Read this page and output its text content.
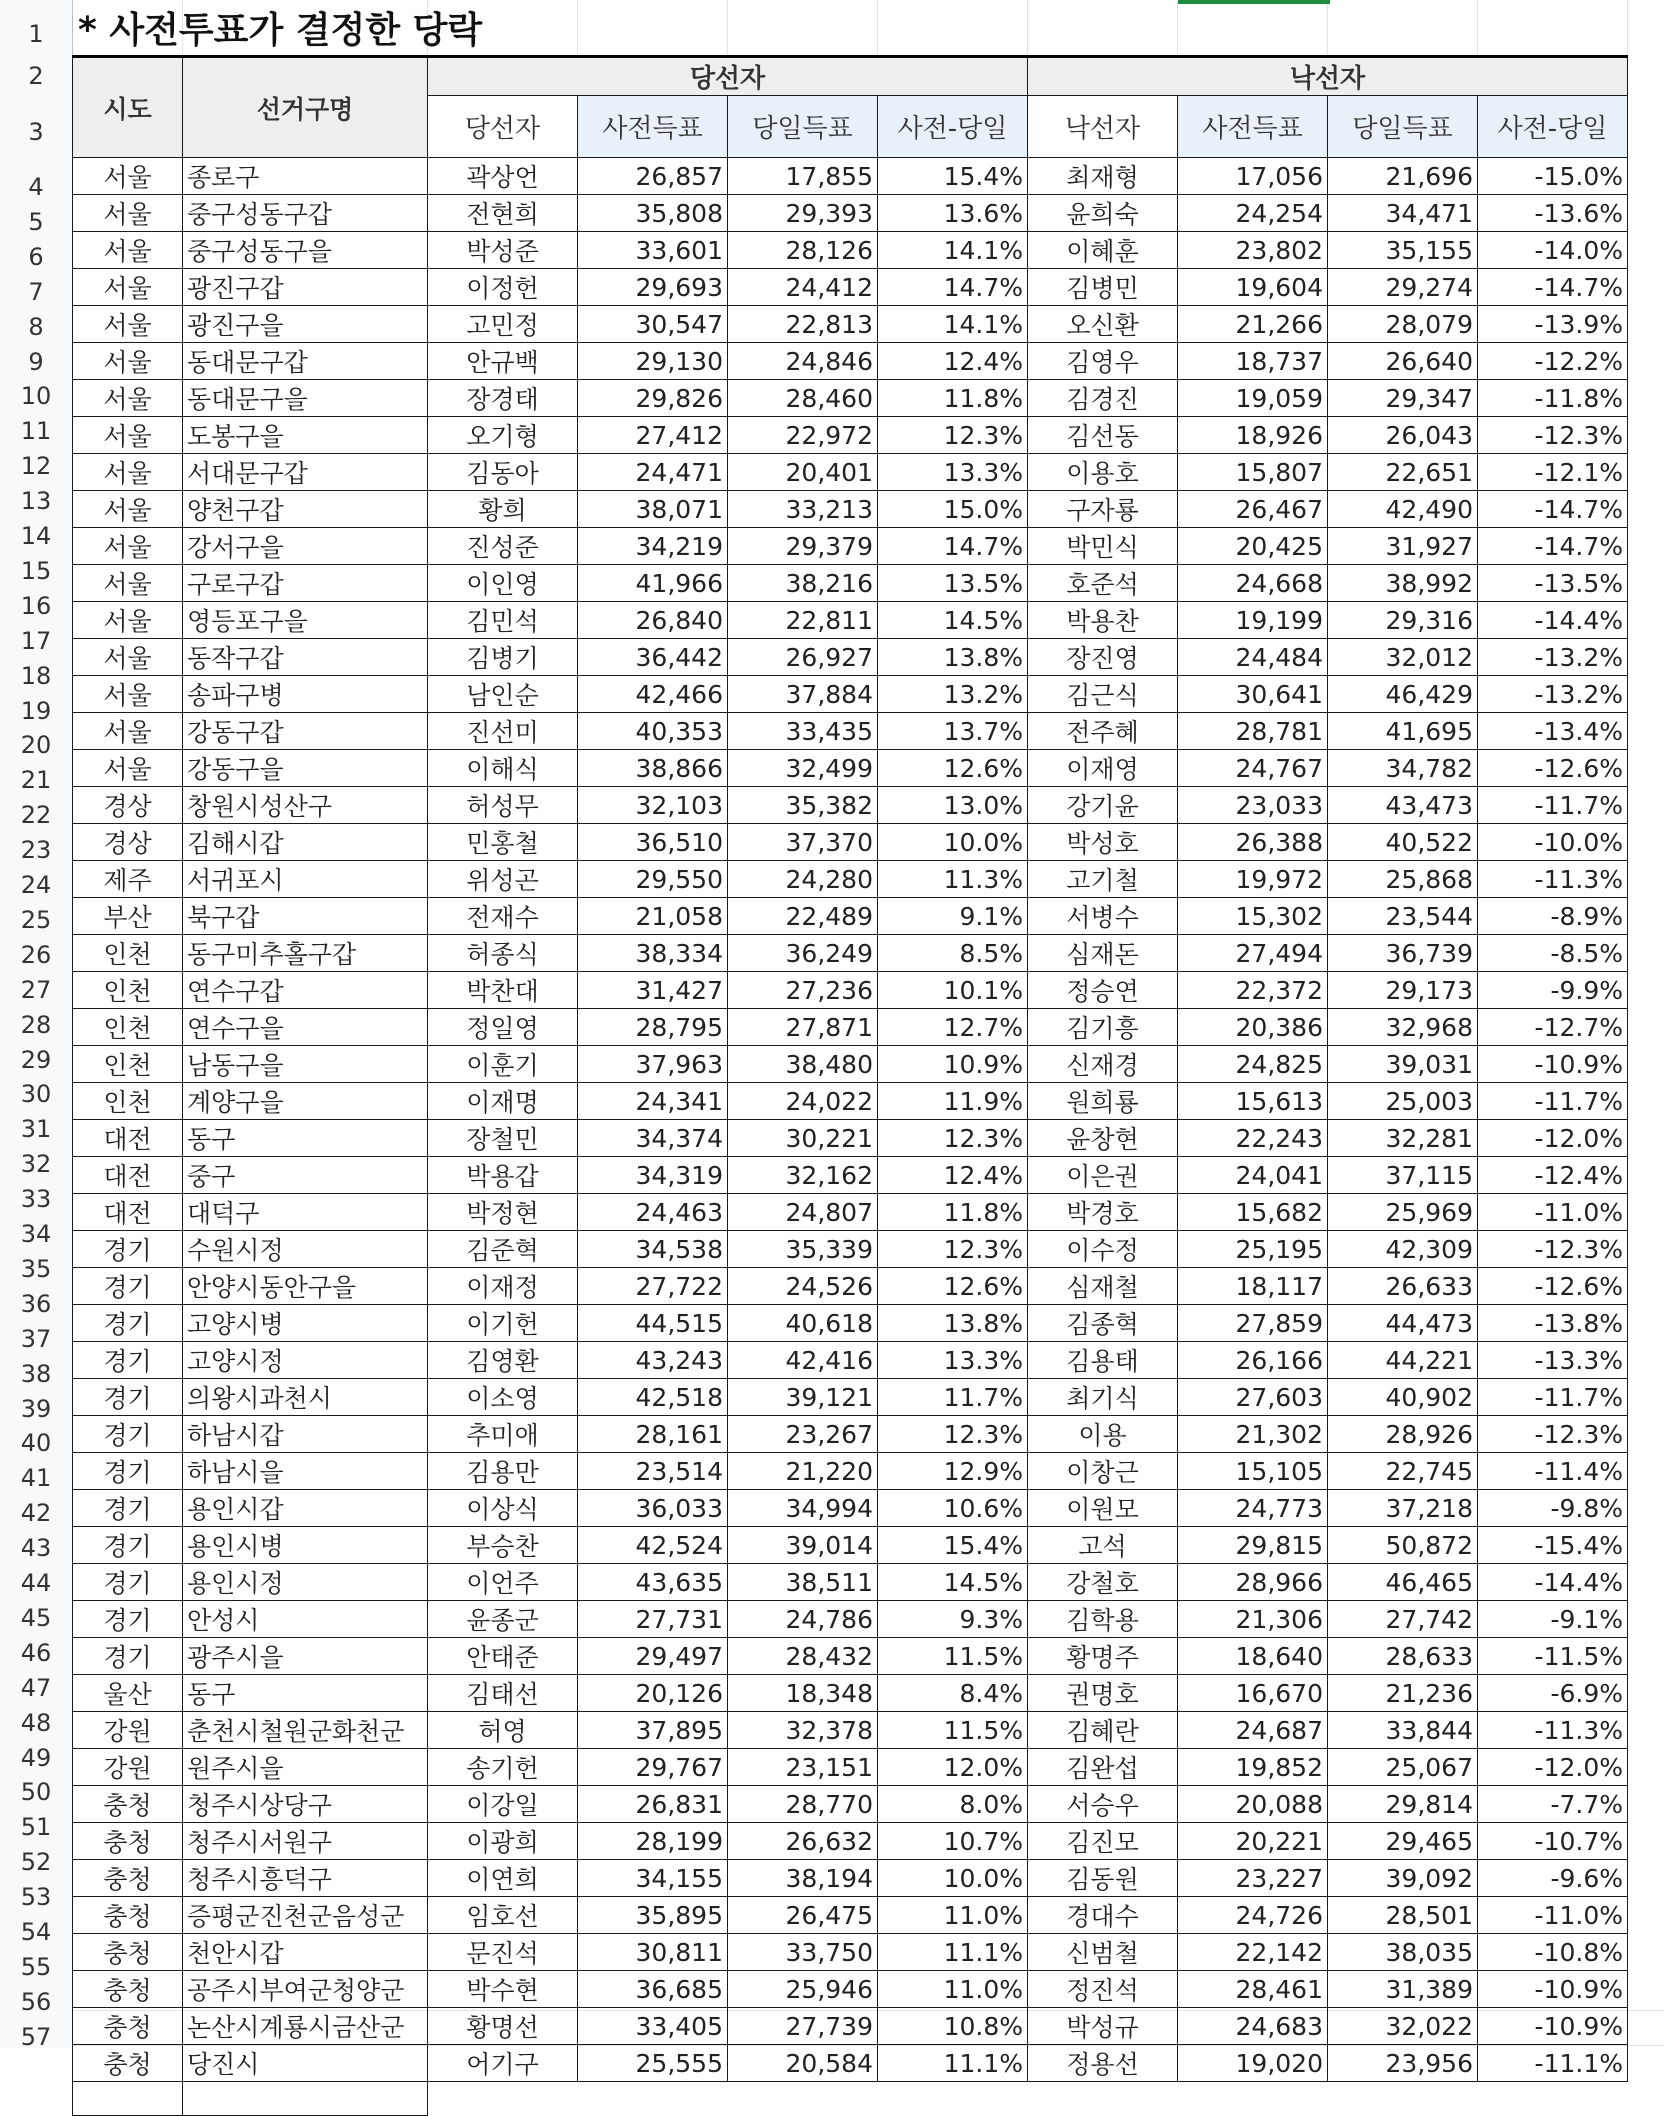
1
2
3
4
5
6
7
8
9
10
11
12
13
14
15
16
17
18
19
20
21
22
23
24
25
26
27
28
29
30
31
32
33
34
35
36
37
38
39
40
41
42
43
44
45
46
47
48
49
50
51
52
53
54
55
56
57
* 사전투표가 결정한 당락
시도	선거구명	당선자				낙선자			
		당선자	사전득표	당일득표	사전-당일	낙선자	사전득표	당일득표	사전-당일
서울	종로구	곽상언	26,857	17,855	15.4%	최재형	17,056	21,696	-15.0%
서울	중구성동구갑	전현희	35,808	29,393	13.6%	윤희숙	24,254	34,471	-13.6%
서울	중구성동구을	박성준	33,601	28,126	14.1%	이혜훈	23,802	35,155	-14.0%
서울	광진구갑	이정헌	29,693	24,412	14.7%	김병민	19,604	29,274	-14.7%
서울	광진구을	고민정	30,547	22,813	14.1%	오신환	21,266	28,079	-13.9%
서울	동대문구갑	안규백	29,130	24,846	12.4%	김영우	18,737	26,640	-12.2%
서울	동대문구을	장경태	29,826	28,460	11.8%	김경진	19,059	29,347	-11.8%
서울	도봉구을	오기형	27,412	22,972	12.3%	김선동	18,926	26,043	-12.3%
서울	서대문구갑	김동아	24,471	20,401	13.3%	이용호	15,807	22,651	-12.1%
서울	양천구갑	황희	38,071	33,213	15.0%	구자룡	26,467	42,490	-14.7%
서울	강서구을	진성준	34,219	29,379	14.7%	박민식	20,425	31,927	-14.7%
서울	구로구갑	이인영	41,966	38,216	13.5%	호준석	24,668	38,992	-13.5%
서울	영등포구을	김민석	26,840	22,811	14.5%	박용찬	19,199	29,316	-14.4%
서울	동작구갑	김병기	36,442	26,927	13.8%	장진영	24,484	32,012	-13.2%
서울	송파구병	남인순	42,466	37,884	13.2%	김근식	30,641	46,429	-13.2%
서울	강동구갑	진선미	40,353	33,435	13.7%	전주혜	28,781	41,695	-13.4%
서울	강동구을	이해식	38,866	32,499	12.6%	이재영	24,767	34,782	-12.6%
경상	창원시성산구	허성무	32,103	35,382	13.0%	강기윤	23,033	43,473	-11.7%
경상	김해시갑	민홍철	36,510	37,370	10.0%	박성호	26,388	40,522	-10.0%
제주	서귀포시	위성곤	29,550	24,280	11.3%	고기철	19,972	25,868	-11.3%
부산	북구갑	전재수	21,058	22,489	9.1%	서병수	15,302	23,544	-8.9%
인천	동구미추홀구갑	허종식	38,334	36,249	8.5%	심재돈	27,494	36,739	-8.5%
인천	연수구갑	박찬대	31,427	27,236	10.1%	정승연	22,372	29,173	-9.9%
인천	연수구을	정일영	28,795	27,871	12.7%	김기흥	20,386	32,968	-12.7%
인천	남동구을	이훈기	37,963	38,480	10.9%	신재경	24,825	39,031	-10.9%
인천	계양구을	이재명	24,341	24,022	11.9%	원희룡	15,613	25,003	-11.7%
대전	동구	장철민	34,374	30,221	12.3%	윤창현	22,243	32,281	-12.0%
대전	중구	박용갑	34,319	32,162	12.4%	이은권	24,041	37,115	-12.4%
대전	대덕구	박정현	24,463	24,807	11.8%	박경호	15,682	25,969	-11.0%
경기	수원시정	김준혁	34,538	35,339	12.3%	이수정	25,195	42,309	-12.3%
경기	안양시동안구을	이재정	27,722	24,526	12.6%	심재철	18,117	26,633	-12.6%
경기	고양시병	이기헌	44,515	40,618	13.8%	김종혁	27,859	44,473	-13.8%
경기	고양시정	김영환	43,243	42,416	13.3%	김용태	26,166	44,221	-13.3%
경기	의왕시과천시	이소영	42,518	39,121	11.7%	최기식	27,603	40,902	-11.7%
경기	하남시갑	추미애	28,161	23,267	12.3%	이용	21,302	28,926	-12.3%
경기	하남시을	김용만	23,514	21,220	12.9%	이창근	15,105	22,745	-11.4%
경기	용인시갑	이상식	36,033	34,994	10.6%	이원모	24,773	37,218	-9.8%
경기	용인시병	부승찬	42,524	39,014	15.4%	고석	29,815	50,872	-15.4%
경기	용인시정	이언주	43,635	38,511	14.5%	강철호	28,966	46,465	-14.4%
경기	안성시	윤종군	27,731	24,786	9.3%	김학용	21,306	27,742	-9.1%
경기	광주시을	안태준	29,497	28,432	11.5%	황명주	18,640	28,633	-11.5%
울산	동구	김태선	20,126	18,348	8.4%	권명호	16,670	21,236	-6.9%
강원	춘천시철원군화천군	허영	37,895	32,378	11.5%	김혜란	24,687	33,844	-11.3%
강원	원주시을	송기헌	29,767	23,151	12.0%	김완섭	19,852	25,067	-12.0%
충청	청주시상당구	이강일	26,831	28,770	8.0%	서승우	20,088	29,814	-7.7%
충청	청주시서원구	이광희	28,199	26,632	10.7%	김진모	20,221	29,465	-10.7%
충청	청주시흥덕구	이연희	34,155	38,194	10.0%	김동원	23,227	39,092	-9.6%
충청	증평군진천군음성군	임호선	35,895	26,475	11.0%	경대수	24,726	28,501	-11.0%
충청	천안시갑	문진석	30,811	33,750	11.1%	신범철	22,142	38,035	-10.8%
충청	공주시부여군청양군	박수현	36,685	25,946	11.0%	정진석	28,461	31,389	-10.9%
충청	논산시계룡시금산군	황명선	33,405	27,739	10.8%	박성규	24,683	32,022	-10.9%
충청	당진시	어기구	25,555	20,584	11.1%	정용선	19,020	23,956	-11.1%
